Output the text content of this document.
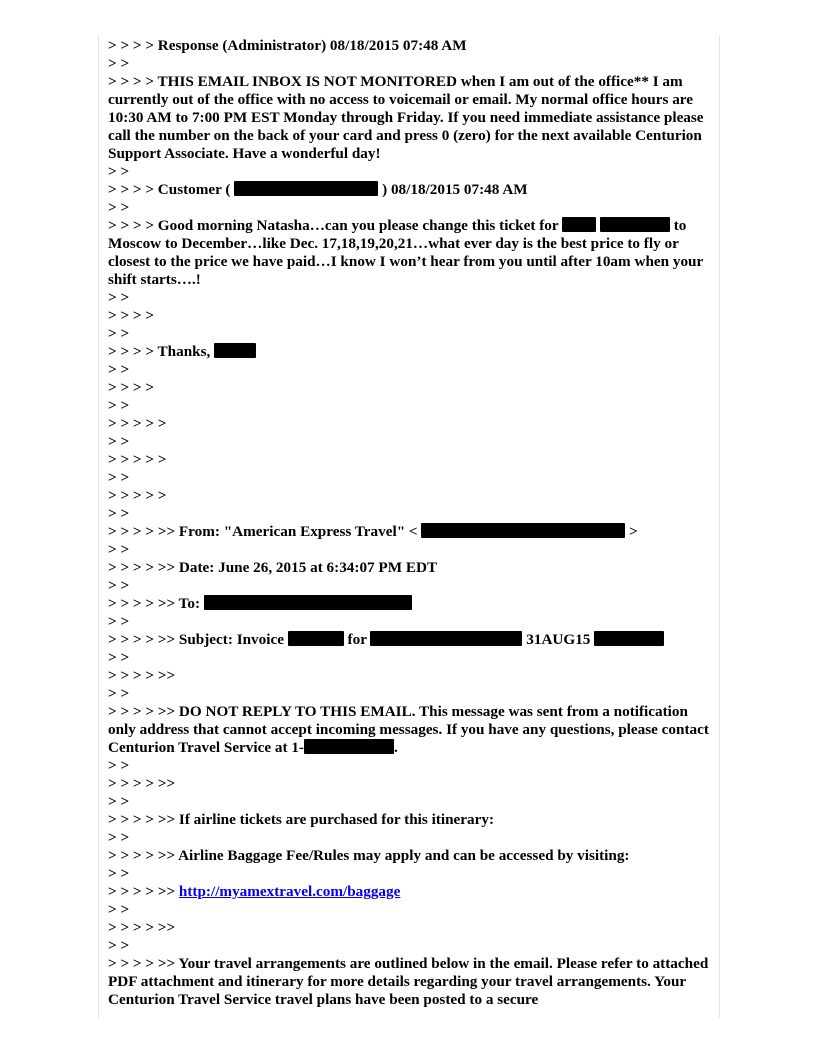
> > > > Response (Administrator) 08/18/2015 07:48 AM
> >
> > > > THIS EMAIL INBOX IS NOT MONITORED when I am out of the office** I am currently out of the office with no access to voicemail or email. My normal office hours are 10:30 AM to 7:00 PM EST Monday through Friday. If you need immediate assistance please call the number on the back of your card and press 0 (zero) for the next available Centurion Support Associate. Have a wonderful day!
> >
> > > > Customer (	) 08/18/2015 07:48 AM
> >
> > > > Good morning Natasha…can you please change this ticket for	to Moscow to December…like Dec. 17,18,19,20,21…what ever day is the best price to fly or closest to the price we have paid…I know I won’t hear from you until after 10am when your shift starts….!
> >
> > > >
> >
> > > > Thanks,
> >
> > > >
> >
> > > > >
> >
> > > > >
> >
> > > > >
> >
> > > > >> From: "American Express Travel" <	>
> >
> > > > >> Date: June 26, 2015 at 6:34:07 PM EDT
> >
> > > > >> To:
> >
> > > > >> Subject: Invoice	for	31AUG15
> >
> > > > >>
> >
> > > > >> DO NOT REPLY TO THIS EMAIL. This message was sent from a notification only address that cannot accept incoming messages. If you have any questions, please contact Centurion Travel Service at 1-	.
> >
> > > > >>
> >
> > > > >> If airline tickets are purchased for this itinerary:
> >
> > > > >> Airline Baggage Fee/Rules may apply and can be accessed by visiting:
> >
> > > > >> http://myamextravel.com/baggage
> >
> > > > >>
> >
> > > > >> Your travel arrangements are outlined below in the email. Please refer to attached PDF attachment and itinerary for more details regarding your travel arrangements. Your Centurion Travel Service travel plans have been posted to a secure
